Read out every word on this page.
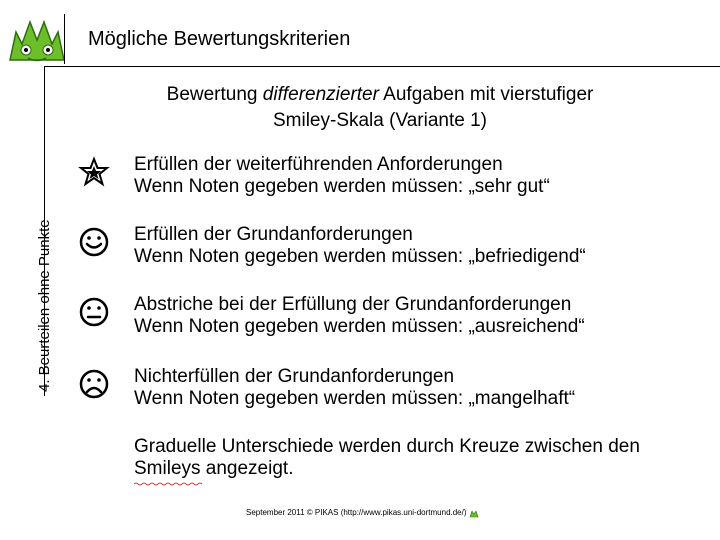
Mögliche Bewertungskriterien
4. Beurteilen ohne Punkte
Bewertung differenzierter Aufgaben mit vierstufiger
Smiley-Skala (Variante 1)
Erfüllen der weiterführenden Anforderungen
Wenn Noten gegeben werden müssen: „sehr gut“
Erfüllen der Grundanforderungen
Wenn Noten gegeben werden müssen: „befriedigend“
Abstriche bei der Erfüllung der Grundanforderungen
Wenn Noten gegeben werden müssen: „ausreichend“
Nichterfüllen der Grundanforderungen
Wenn Noten gegeben werden müssen: „mangelhaft“
Graduelle Unterschiede werden durch Kreuze zwischen den
Smileys angezeigt.
September 2011 © PIKAS (http://www.pikas.uni-dortmund.de/)
